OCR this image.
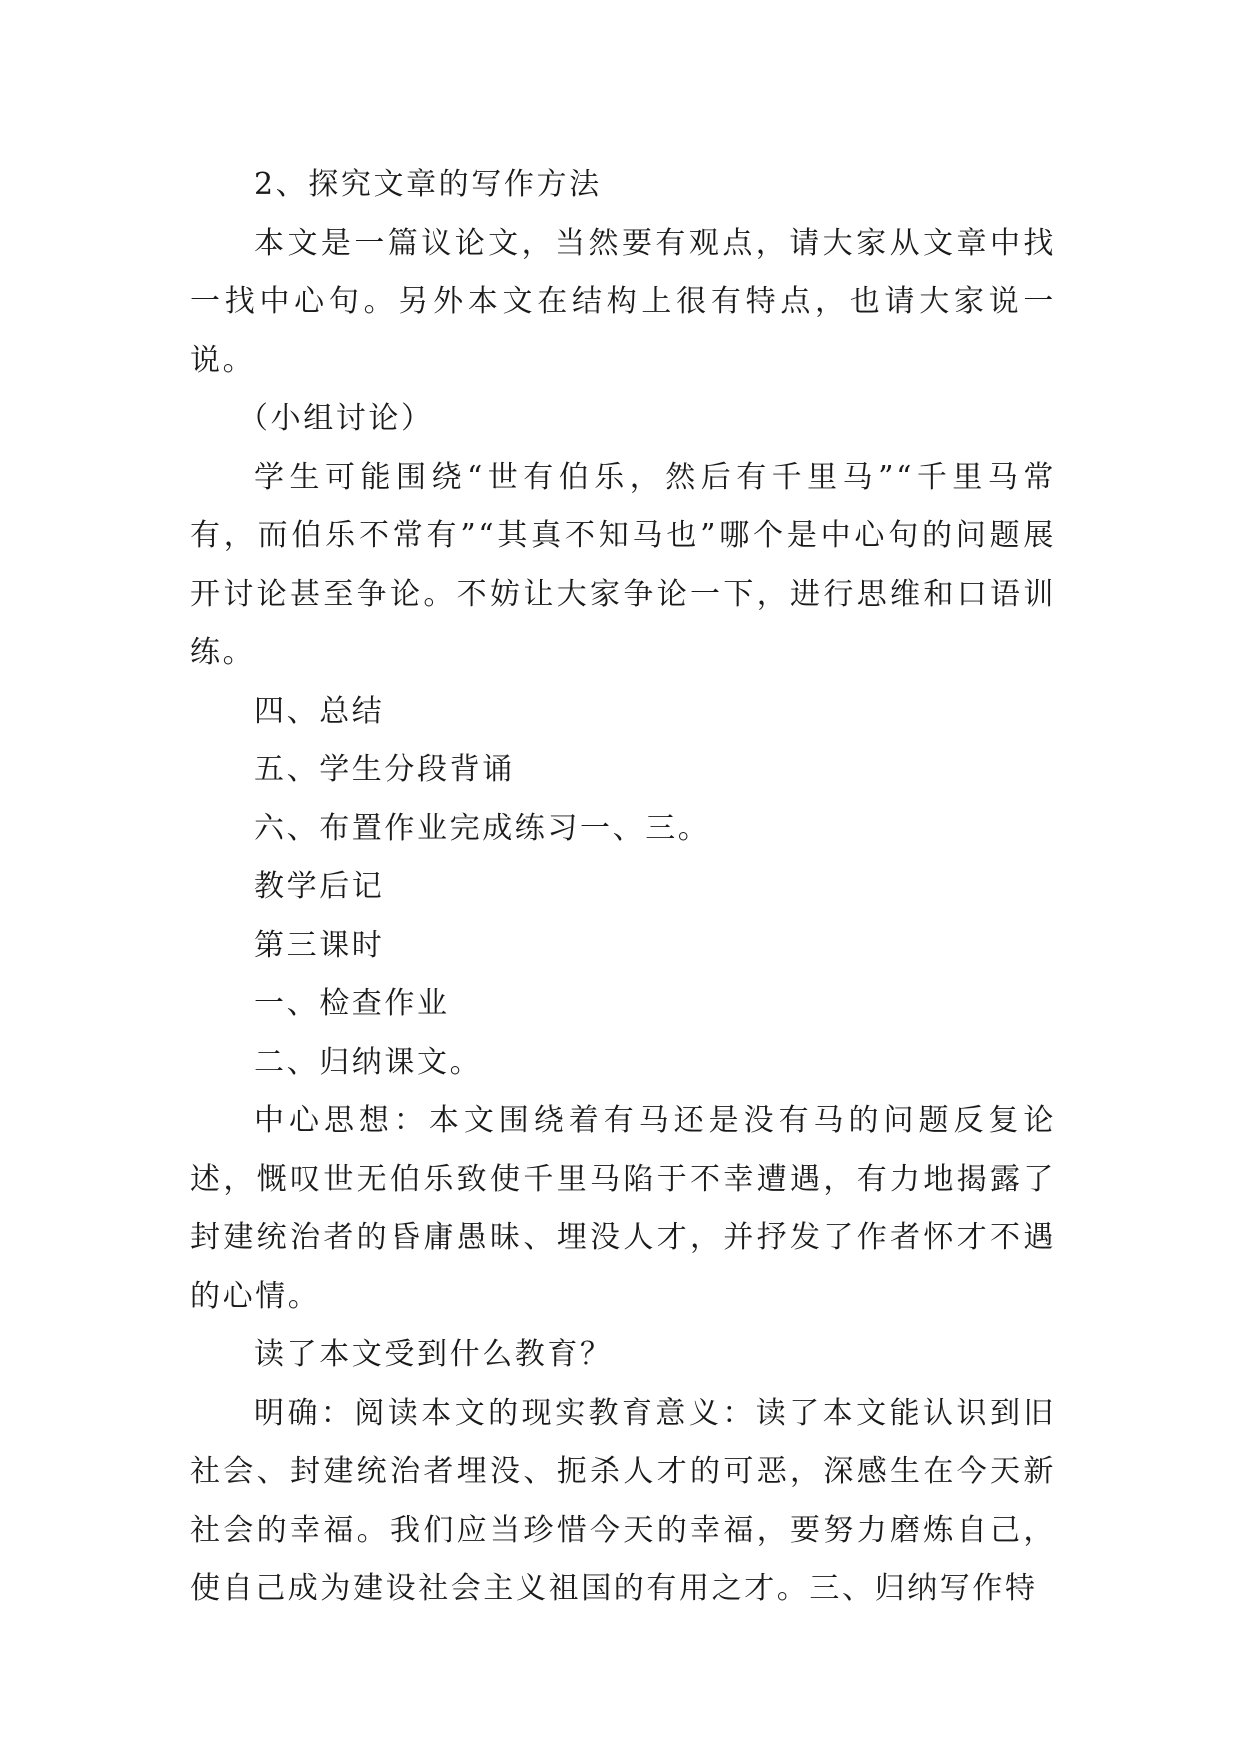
2、探究文章的写作方法

本文是一篇议论文，当然要有观点，请大家从文章中找一找中心句。另外本文在结构上很有特点，也请大家说一说。

（小组讨论）

学生可能围绕“世有伯乐，然后有千里马”“千里马常有，而伯乐不常有”“其真不知马也”哪个是中心句的问题展开讨论甚至争论。不妨让大家争论一下，进行思维和口语训练。

四、总结

五、学生分段背诵

六、布置作业完成练习一、三。

教学后记

第三课时

一、检查作业

二、归纳课文。

中心思想：本文围绕着有马还是没有马的问题反复论述，慨叹世无伯乐致使千里马陷于不幸遭遇，有力地揭露了封建统治者的昏庸愚昧、埋没人才，并抒发了作者怀才不遇的心情。

读了本文受到什么教育？

明确：阅读本文的现实教育意义：读了本文能认识到旧社会、封建统治者埋没、扼杀人才的可恶，深感生在今天新社会的幸福。我们应当珍惜今天的幸福，要努力磨炼自己，使自己成为建设社会主义祖国的有用之才。三、归纳写作特
